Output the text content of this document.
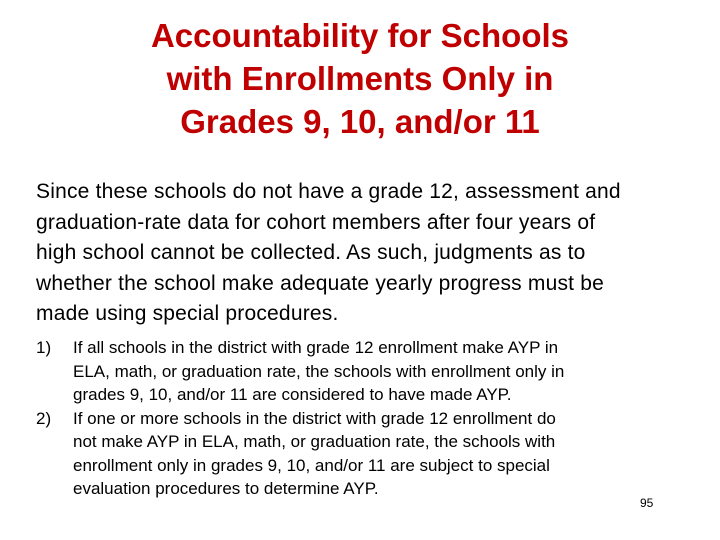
Accountability for Schools
with Enrollments Only in
Grades 9, 10, and/or 11
Since these schools do not have a grade 12, assessment and
graduation-rate data for cohort members after four years of
high school cannot be collected. As such, judgments as to
whether the school make adequate yearly progress must be
made using special procedures.
1) If all schools in the district with grade 12 enrollment make AYP in
ELA, math, or graduation rate, the schools with enrollment only in
grades 9, 10, and/or 11 are considered to have made AYP.
2) If one or more schools in the district with grade 12 enrollment do
not make AYP in ELA, math, or graduation rate, the schools with
enrollment only in grades 9, 10, and/or 11 are subject to special
evaluation procedures to determine AYP.
95
